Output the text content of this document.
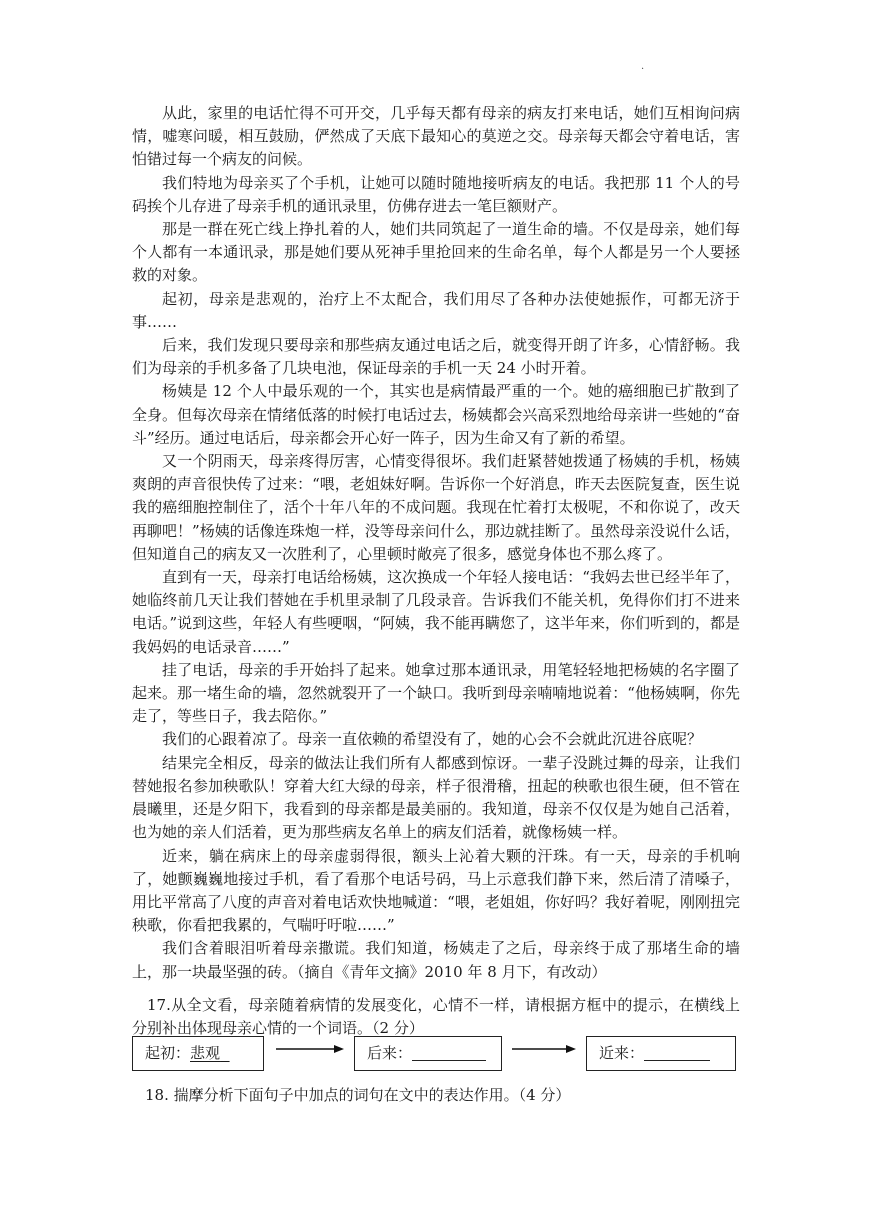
·

从此，家里的电话忙得不可开交，几乎每天都有母亲的病友打来电话，她们互相询问病情，嘘寒问暖，相互鼓励，俨然成了天底下最知心的莫逆之交。母亲每天都会守着电话，害怕错过每一个病友的问候。

我们特地为母亲买了个手机，让她可以随时随地接听病友的电话。我把那 11 个人的号码挨个儿存进了母亲手机的通讯录里，仿佛存进去一笔巨额财产。

那是一群在死亡线上挣扎着的人，她们共同筑起了一道生命的墙。不仅是母亲，她们每个人都有一本通讯录，那是她们要从死神手里抢回来的生命名单，每个人都是另一个人要拯救的对象。

起初，母亲是悲观的，治疗上不太配合，我们用尽了各种办法使她振作，可都无济于事……

后来，我们发现只要母亲和那些病友通过电话之后，就变得开朗了许多，心情舒畅。我们为母亲的手机多备了几块电池，保证母亲的手机一天 24 小时开着。

杨姨是 12 个人中最乐观的一个，其实也是病情最严重的一个。她的癌细胞已扩散到了全身。但每次母亲在情绪低落的时候打电话过去，杨姨都会兴高采烈地给母亲讲一些她的“奋斗”经历。通过电话后，母亲都会开心好一阵子，因为生命又有了新的希望。

又一个阴雨天，母亲疼得厉害，心情变得很坏。我们赶紧替她拨通了杨姨的手机，杨姨爽朗的声音很快传了过来：“喂，老姐妹好啊。告诉你一个好消息，昨天去医院复查，医生说我的癌细胞控制住了，活个十年八年的不成问题。我现在忙着打太极呢，不和你说了，改天再聊吧！”杨姨的话像连珠炮一样，没等母亲问什么，那边就挂断了。虽然母亲没说什么话，但知道自己的病友又一次胜利了，心里顿时敞亮了很多，感觉身体也不那么疼了。

直到有一天，母亲打电话给杨姨，这次换成一个年轻人接电话：“我妈去世已经半年了，她临终前几天让我们替她在手机里录制了几段录音。告诉我们不能关机，免得你们打不进来电话。”说到这些，年轻人有些哽咽，“阿姨，我不能再瞒您了，这半年来，你们听到的，都是我妈妈的电话录音……”

挂了电话，母亲的手开始抖了起来。她拿过那本通讯录，用笔轻轻地把杨姨的名字圈了起来。那一堵生命的墙，忽然就裂开了一个缺口。我听到母亲喃喃地说着：“他杨姨啊，你先走了，等些日子，我去陪你。”

我们的心跟着凉了。母亲一直依赖的希望没有了，她的心会不会就此沉进谷底呢？

结果完全相反，母亲的做法让我们所有人都感到惊讶。一辈子没跳过舞的母亲，让我们替她报名参加秧歌队！穿着大红大绿的母亲，样子很滑稽，扭起的秧歌也很生硬，但不管在晨曦里，还是夕阳下，我看到的母亲都是最美丽的。我知道，母亲不仅仅是为她自己活着，也为她的亲人们活着，更为那些病友名单上的病友们活着，就像杨姨一样。

近来，躺在病床上的母亲虚弱得很，额头上沁着大颗的汗珠。有一天，母亲的手机响了，她颤巍巍地接过手机，看了看那个电话号码，马上示意我们静下来，然后清了清嗓子，用比平常高了八度的声音对着电话欢快地喊道：“喂，老姐姐，你好吗？我好着呢，刚刚扭完秧歌，你看把我累的，气喘吁吁啦……”

我们含着眼泪听着母亲撒谎。我们知道，杨姨走了之后，母亲终于成了那堵生命的墙上，那一块最坚强的砖。（摘自《青年文摘》2010 年 8 月下，有改动）

17.从全文看，母亲随着病情的发展变化，心情不一样，请根据方框中的提示，在横线上分别补出体现母亲心情的一个词语。（2 分）

起初：悲观	后来：	近来：

18. 揣摩分析下面句子中加点的词句在文中的表达作用。（4 分）
